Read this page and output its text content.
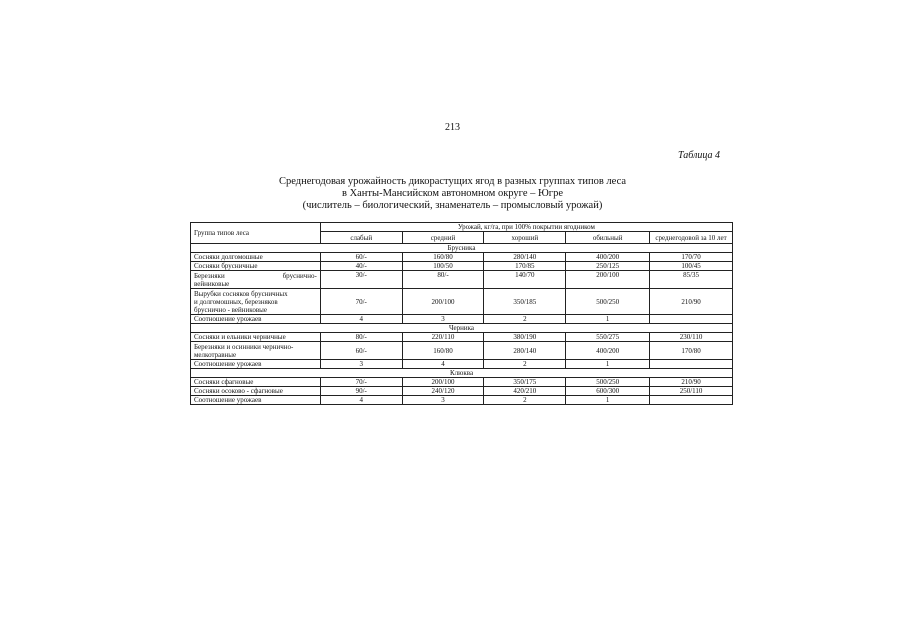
213
Таблица 4
Среднегодовая урожайность дикорастущих ягод в разных группах типов леса
в Ханты-Мансийском автономном округе – Югре
(числитель – биологический, знаменатель – промысловый урожай)
Группа типов леса	Урожай, кг/га, при 100% покрытии ягодником				
	слабый	средний	хороший	обильный	среднегодовой за 10 лет
Брусника					
Сосняки долгомошные	60/-	160/80	280/140	400/200	170/70
Сосняки брусничные	40/-	100/50	170/85	250/125	100/45

Березняки бруснично-
вейниковые	30/-	80/-	140/70	200/100	85/35

Вырубки сосняков брусничных
и долгомошных, березняков
бруснично - вейниковые	70/-	200/100	350/185	500/250	210/90
Соотношение урожаев	4	3	2	1	
Черника					
Сосняки и ельники черничные	80/-	220/110	380/190	550/275	230/110

Березняки и осинники чернично-
мелкотравные	60/-	160/80	280/140	400/200	170/80
Соотношение урожаев	3	4	2	1	
Клюква					
Сосняки сфагновые	70/-	200/100	350/175	500/250	210/90
Сосняки осоково - сфагновые	90/-	240/120	420/210	600/300	250/110
Соотношение урожаев	4	3	2	1	
